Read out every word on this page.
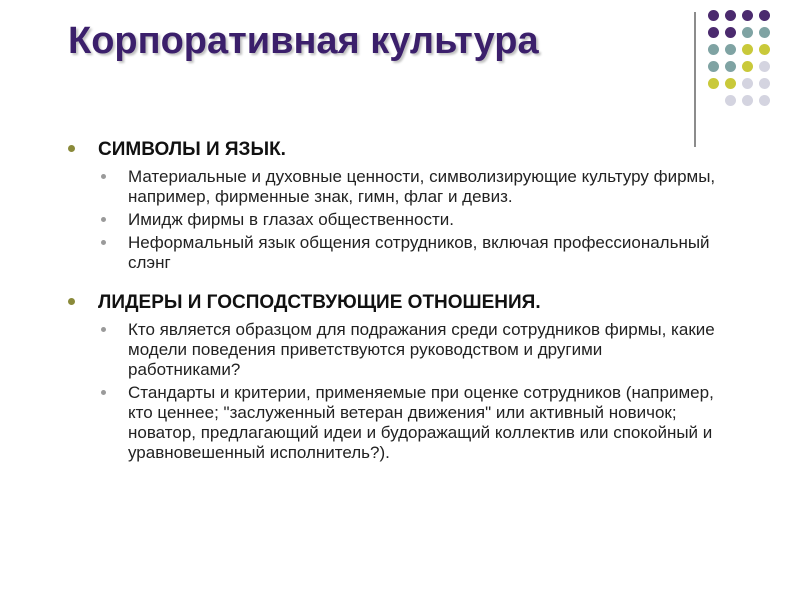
Корпоративная культура
СИМВОЛЫ И ЯЗЫК.
Материальные и духовные ценности, символизирующие культуру фирмы, например, фирменные знак, гимн, флаг и девиз.
Имидж фирмы в глазах общественности.
Неформальный язык общения сотрудников, включая профессиональный слэнг
ЛИДЕРЫ И ГОСПОДСТВУЮЩИЕ ОТНОШЕНИЯ.
Кто является образцом для подражания среди сотрудников фирмы, какие модели поведения приветствуются руководством и другими работниками?
Стандарты и критерии, применяемые при оценке сотрудников (например, кто ценнее; "заслуженный ветеран движения" или активный новичок; новатор, предлагающий идеи и будоражащий коллектив или спокойный и уравновешенный исполнитель?).
